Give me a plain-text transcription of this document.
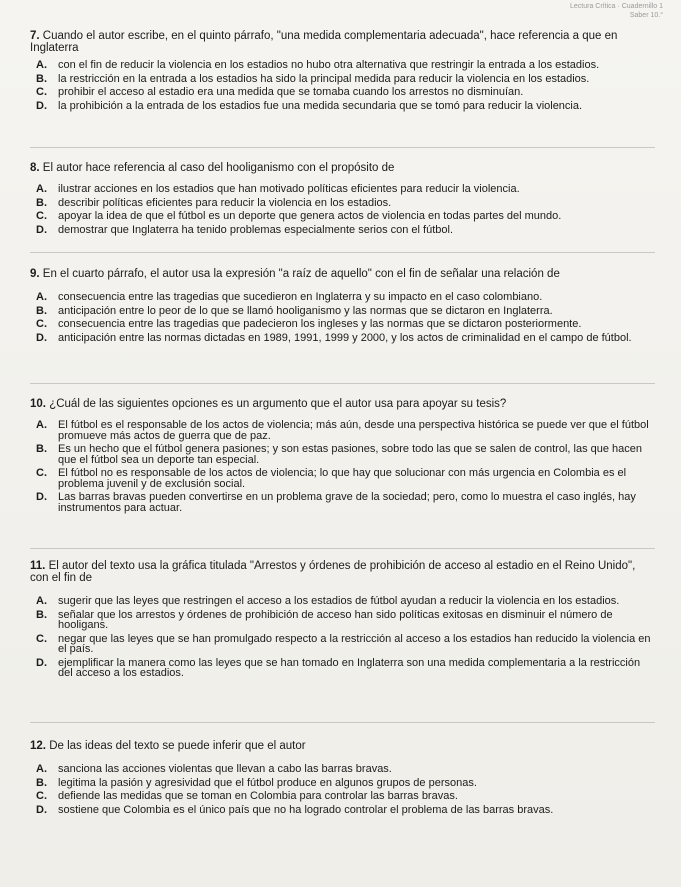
Lectura Crítica · Cuadernillo 1
Saber 10.°
7. Cuando el autor escribe, en el quinto párrafo, "una medida complementaria adecuada", hace referencia a que en Inglaterra
A.	con el fin de reducir la violencia en los estadios no hubo otra alternativa que restringir la entrada a los estadios.
B.	la restricción en la entrada a los estadios ha sido la principal medida para reducir la violencia en los estadios.
C.	prohibir el acceso al estadio era una medida que se tomaba cuando los arrestos no disminuían.
D.	la prohibición a la entrada de los estadios fue una medida secundaria que se tomó para reducir la violencia.
8. El autor hace referencia al caso del hooliganismo con el propósito de
A.	ilustrar acciones en los estadios que han motivado políticas eficientes para reducir la violencia.
B.	describir políticas eficientes para reducir la violencia en los estadios.
C.	apoyar la idea de que el fútbol es un deporte que genera actos de violencia en todas partes del mundo.
D.	demostrar que Inglaterra ha tenido problemas especialmente serios con el fútbol.
9. En el cuarto párrafo, el autor usa la expresión "a raíz de aquello" con el fin de señalar una relación de
A.	consecuencia entre las tragedias que sucedieron en Inglaterra y su impacto en el caso colombiano.
B.	anticipación entre lo peor de lo que se llamó hooliganismo y las normas que se dictaron en Inglaterra.
C.	consecuencia entre las tragedias que padecieron los ingleses y las normas que se dictaron posteriormente.
D.	anticipación entre las normas dictadas en 1989, 1991, 1999 y 2000, y los actos de criminalidad en el campo de fútbol.
10. ¿Cuál de las siguientes opciones es un argumento que el autor usa para apoyar su tesis?
A.	El fútbol es el responsable de los actos de violencia; más aún, desde una perspectiva histórica se puede ver que el fútbol promueve más actos de guerra que de paz.
B.	Es un hecho que el fútbol genera pasiones; y son estas pasiones, sobre todo las que se salen de control, las que hacen que el fútbol sea un deporte tan especial.
C.	El fútbol no es responsable de los actos de violencia; lo que hay que solucionar con más urgencia en Colombia es el problema juvenil y de exclusión social.
D.	Las barras bravas pueden convertirse en un problema grave de la sociedad; pero, como lo muestra el caso inglés, hay instrumentos para actuar.
11. El autor del texto usa la gráfica titulada "Arrestos y órdenes de prohibición de acceso al estadio en el Reino Unido", con el fin de
A.	sugerir que las leyes que restringen el acceso a los estadios de fútbol ayudan a reducir la violencia en los estadios.
B.	señalar que los arrestos y órdenes de prohibición de acceso han sido políticas exitosas en disminuir el número de hooligans.
C.	negar que las leyes que se han promulgado respecto a la restricción al acceso a los estadios han reducido la violencia en el país.
D.	ejemplificar la manera como las leyes que se han tomado en Inglaterra son una medida complementaria a la restricción del acceso a los estadios.
12. De las ideas del texto se puede inferir que el autor
A.	sanciona las acciones violentas que llevan a cabo las barras bravas.
B.	legitima la pasión y agresividad que el fútbol produce en algunos grupos de personas.
C.	defiende las medidas que se toman en Colombia para controlar las barras bravas.
D.	sostiene que Colombia es el único país que no ha logrado controlar el problema de las barras bravas.
